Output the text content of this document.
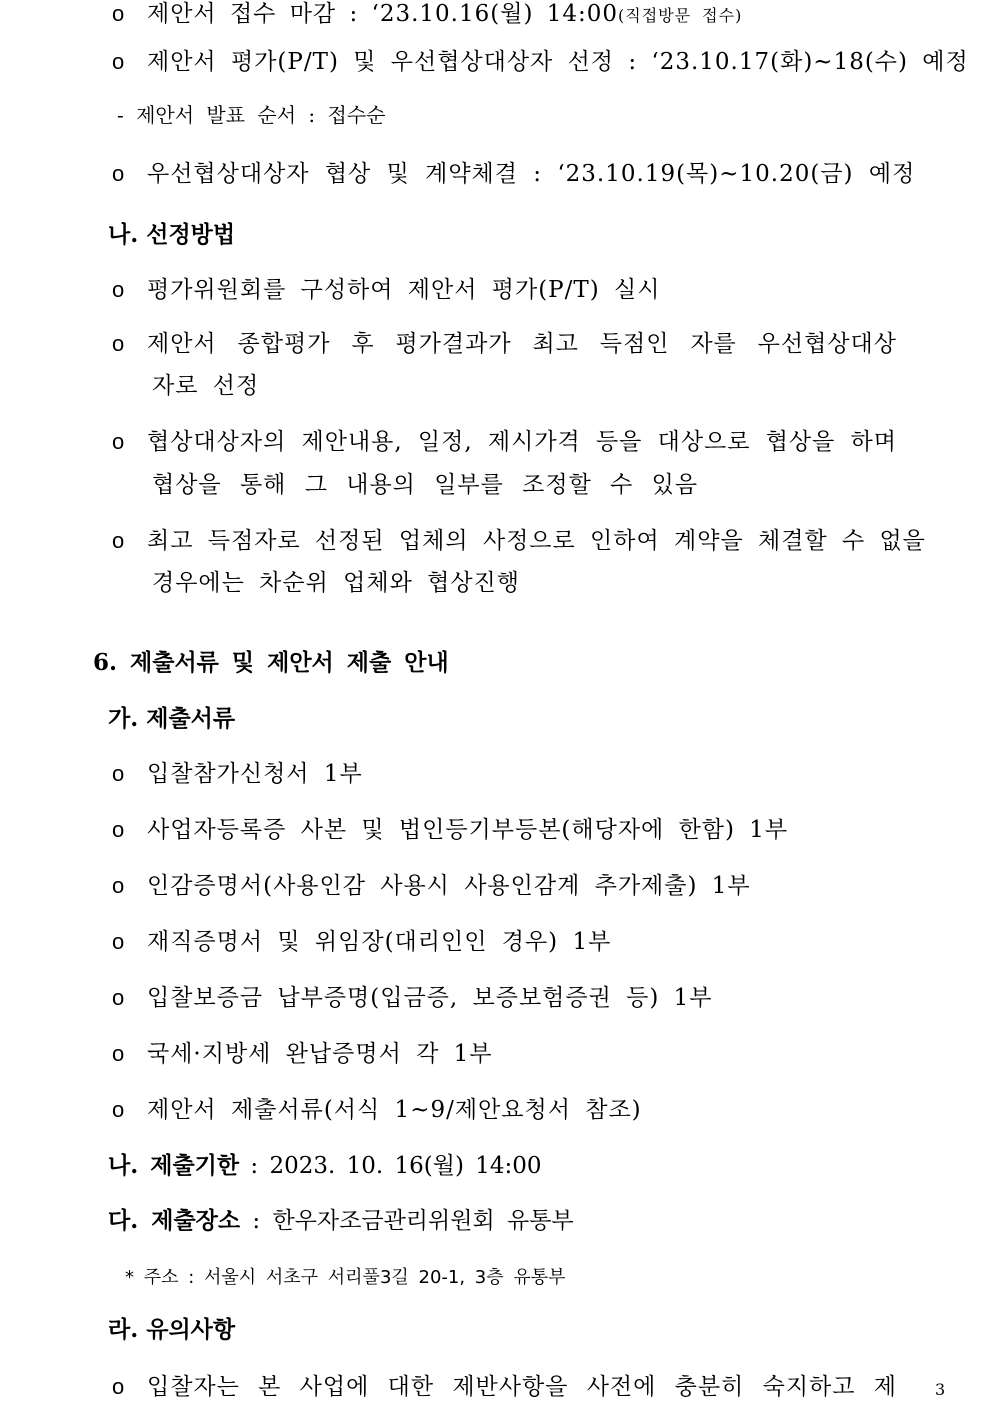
o 제안서 접수 마감 : ‘23.10.16(월) 14:00(직접방문 접수)
o 제안서 평가(P/T) 및 우선협상대상자 선정 : ‘23.10.17(화)~18(수) 예정
- 제안서 발표 순서 : 접수순
o 우선협상대상자 협상 및 계약체결 : ‘23.10.19(목)~10.20(금) 예정
나. 선정방법
o 평가위원회를 구성하여 제안서 평가(P/T) 실시
o 제안서 종합평가 후 평가결과가 최고 득점인 자를 우선협상대상
자로 선정
o 협상대상자의 제안내용, 일정, 제시가격 등을 대상으로 협상을 하며
협상을 통해 그 내용의 일부를 조정할 수 있음
o 최고 득점자로 선정된 업체의 사정으로 인하여 계약을 체결할 수 없을
경우에는 차순위 업체와 협상진행
6. 제출서류 및 제안서 제출 안내
가. 제출서류
o 입찰참가신청서 1부
o 사업자등록증 사본 및 법인등기부등본(해당자에 한함) 1부
o 인감증명서(사용인감 사용시 사용인감계 추가제출) 1부
o 재직증명서 및 위임장(대리인인 경우) 1부
o 입찰보증금 납부증명(입금증, 보증보험증권 등) 1부
o 국세·지방세 완납증명서 각 1부
o 제안서 제출서류(서식 1~9/제안요청서 참조)
나. 제출기한 : 2023. 10. 16(월) 14:00
다. 제출장소 : 한우자조금관리위원회 유통부
* 주소 : 서울시 서초구 서리풀3길 20-1, 3층 유통부
라. 유의사항
o 입찰자는 본 사업에 대한 제반사항을 사전에 충분히 숙지하고 제 3
